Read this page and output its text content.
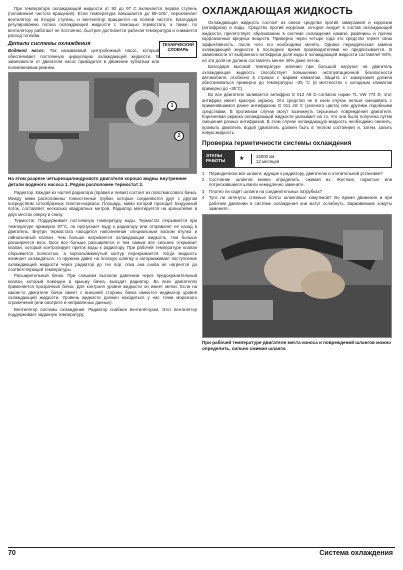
При температуре охлаждающей жидкости от 92 до 97 С включается первая ступень (половинная частота вращения). Если температура повышается до 99–105°, переключает вентилятор на вторую ступень, и вентилятор вращается на полной частоте. Благодаря регулированию потока охлаждающей жидкости с помощью термостата, а также, по вентилятору работают не постоянно, быстрее достигается рабочая температура и снижается расход топлива.

Детали системы охлаждения	ТЕХНИЧЕСКИЙ СЛОВАРЬ

Водяной насос. Так называемый центробежный насос, который обеспечивает постоянную циркуляцию охлаждающей жидкости. В зависимости от двигателя насос приводится в движение зубчатым или поликлиновым ремнем.

1
2
На этом разрезе четырехцилиндрового двигателя хорошо видны внутренние детали водяного насоса 1. Рядом расположен термостат 2.

Радиатор. Каждая из частей радиатора (правая и левая) состоит из пластмассового бачка. Между ними расположены тонкостенные трубки, которые соединяются друг с другом посредством сотообразных пластин-каркаса. Площадь, мимо которой проходит воздушный поток, составляет несколько квадратных метров. Радиатор монтируется на кронштейне в двух местах сверху и снизу.

Термостат. Поддерживает постоянную температуру воды. Термостат открывается при температуре примерно 87°С, он пропускает воду к радиатору или отправляет ее назад в двигатель. Внутри термостата находится наполненная специальным воском втулка и гайнальчатый клапан. Чем больше нагревается охлаждающая жидкость, тем больше расширяется воск. Воск все больше расширяется и тем самым все сильнее открывает клапан, который контролирует приток воды к радиатору. При рабочей температуре клапан открывается полностью, а корпоскамкинутый контур перекрывается. Когда жидкость начинает охлаждаться, то пружина давит на плоскую шляпку и затормаживает поступление охлаждающей жидкости через радиатор до тех пор, пока она снова не нагреется до соответствующей температуры.

Расширительный бачок. При слишком высоком давлении через предохранительный клапан, который помещен в крышку бачка, выходит радиатор. Во всех двигателях применяется прозрачный бачок. Для контроля уровня жидкости он имеет метки. Если на каком-то двигателе бачок имеет с внешней стороны бачка имеются индикатор уровня охлаждающей жидкости. Уровень жидкости должен находиться у нас точки морозного ограничения (или смотрите в неправленых данных).

Вентилятор системы охлаждения. Радиатор снабжен вентилятором. Этот вентилятор поддерживает заданную температуру.

ОХЛАЖДАЮЩАЯ ЖИДКОСТЬ

Охлаждающая жидкость состоит из смеси средства против замерзания и коррозии (антифриза) и воды. Средство против коррозии, которое входит в состав охлаждающей жидкости, препятствует образованию в системе охлаждения накипи, ржавчины и прочих коррозионных вредных веществ. Примерно через четыре года это средство теряет свою эффективность, после чего его необходимо менять. Однако периодическая замена охлаждающей жидкости в последнее время производителями не предписывается. В зависимости от выбранного антифриза доля воды в охлаждающей жидкости составляет 60%, но эта доля не должна составлять менее 40% даже летом.

Благодаря высокой температуре кипения при большой нагрузке на двигатель охлаждающая жидкость способствует повышению эксплуатационной безопасности автомобиля, особенно в странах с жарким климатом. Защита от замерзания должна обеспечиваться примерно до температуры –25 °С (в местностях с холодным климатом примерно до –35°С).

Во все двигатели заливается антифриз G 012 А8 D согласно норме TL VW 774 D, этот антифриз имеет красную окраску. Это средство не в коем случае нельзя смешивать с применявшимся ранее антифризом G 011 А8 С (зеленого цвета) или другими подобными средствами. В противном случае могут возникнуть серьезные повреждения двигателя. Коричневая окраска охлаждающей жидкости указывает на то, что она была получена путем смешения разных антифризов. В этом случае охлаждающую жидкость необходимо сменить, промыть двигатель водой (двигатель должен быть в теплом состоянии) и, затем, залить новую жидкость.

Проверка герметичности системы охлаждения
ЭТАПЫ РАБОТЫ	★	15000 км
12 месяцев
1 Периодически все шланги, идущие к радиатору, двигателю и отопительной установке?
2 Состояние шлангов можно определить, сжимая их. Жесткие, пористые или потрескавшиеся шланги немедленно замените.
3 Плотно ли сидят шланги на соединительных патрубках?
4 Туго ли затянуты стяжные болты шланговых хомутиков? Во время движения и при рабочем давлении в системе охлаждения они могут ослабнуть. Заржавевшие хомуты замените.
При рабочей температуре двигателя места износа и повреждений шлангов можно определить, сильно сжимая шланги.
70	Система охлаждения
